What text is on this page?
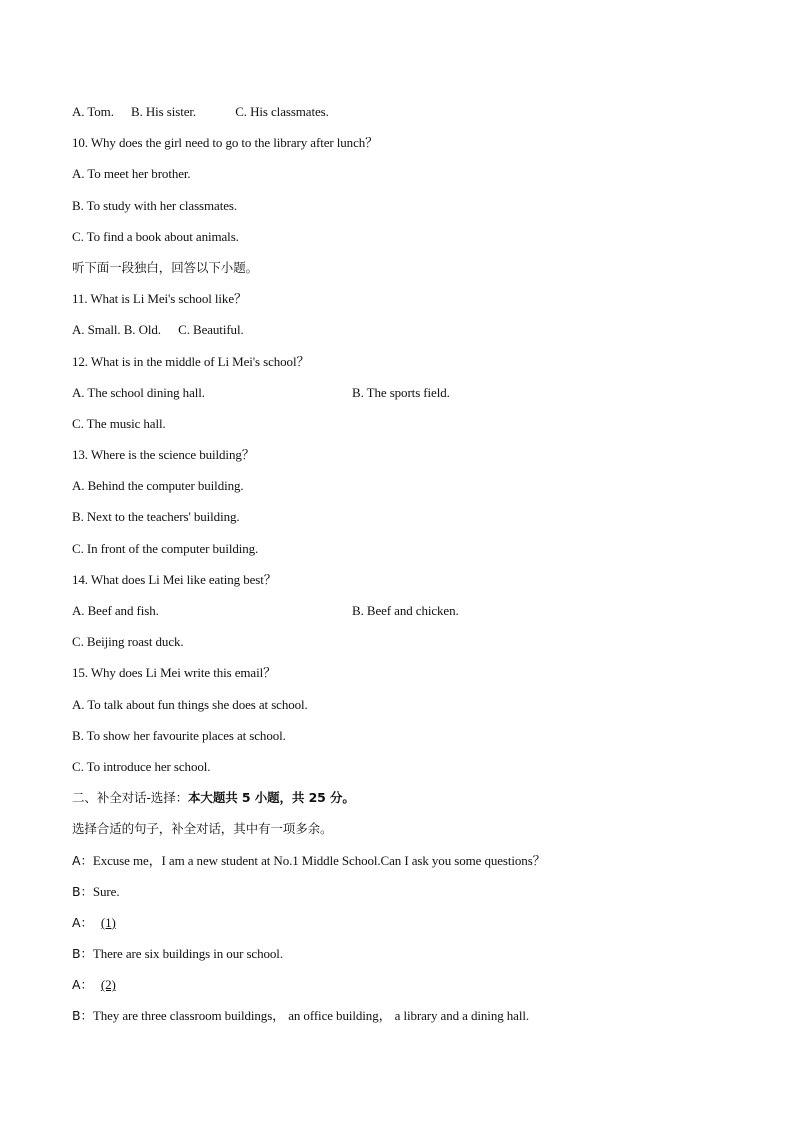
A. Tom. B. His sister.	C. His classmates.
10. Why does the girl need to go to the library after lunch？
A. To meet her brother.
B. To study with her classmates.
C. To find a book about animals.
听下面一段独白，回答以下小题。
11. What is Li Mei's school like？
A. Small. B. Old. C. Beautiful.
12. What is in the middle of Li Mei's school？
A. The school dining hall.	B. The sports field.
C. The music hall.
13. Where is the science building？
A. Behind the computer building.
B. Next to the teachers' building.
C. In front of the computer building.
14. What does Li Mei like eating best？
A. Beef and fish.	B. Beef and chicken.
C. Beijing roast duck.
15. Why does Li Mei write this email？
A. To talk about fun things she does at school.
B. To show her favourite places at school.
C. To introduce her school.
二、补全对话-选择：本大题共 5 小题，共 25 分。
选择合适的句子，补全对话，其中有一项多余。
A：Excuse me，I am a new student at No.1 Middle School.Can I ask you some questions？
B：Sure.
A： (1)
B：There are six buildings in our school.
A： (2)
B：They are three classroom buildings， an office building， a library and a dining hall.
